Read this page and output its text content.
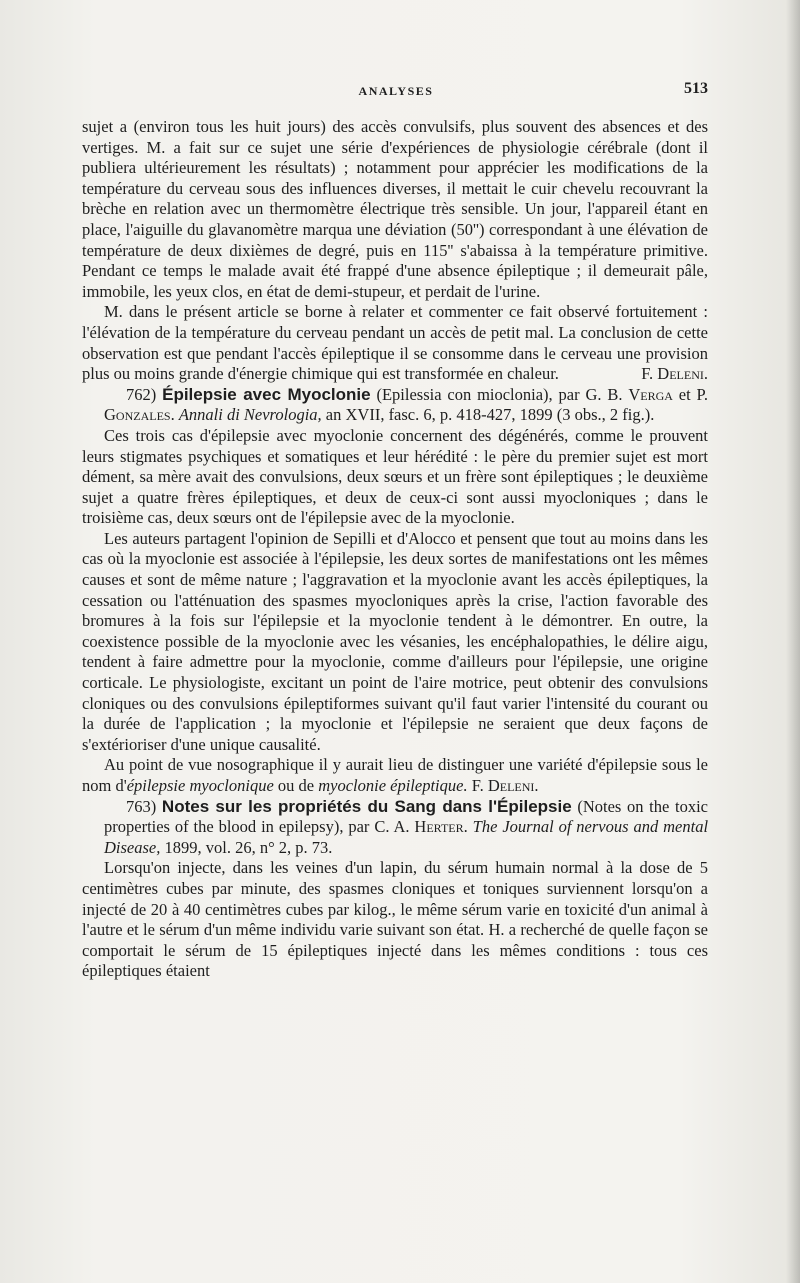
ANALYSES	513

sujet a (environ tous les huit jours) des accès convulsifs, plus souvent des absences et des vertiges. M. a fait sur ce sujet une série d'expériences de physiologie cérébrale (dont il publiera ultérieurement les résultats) ; notamment pour apprécier les modifications de la température du cerveau sous des influences diverses, il mettait le cuir chevelu recouvrant la brèche en relation avec un thermomètre électrique très sensible. Un jour, l'appareil étant en place, l'aiguille du glavanomètre marqua une déviation (50'') correspondant à une élévation de température de deux dixièmes de degré, puis en 115'' s'abaissa à la température primitive. Pendant ce temps le malade avait été frappé d'une absence épileptique ; il demeurait pâle, immobile, les yeux clos, en état de demi-stupeur, et perdait de l'urine.

M. dans le présent article se borne à relater et commenter ce fait observé fortuitement : l'élévation de la température du cerveau pendant un accès de petit mal. La conclusion de cette observation est que pendant l'accès épileptique il se consomme dans le cerveau une provision plus ou moins grande d'énergie chimique qui est transformée en chaleur.	F. Deleni.

762) Épilepsie avec Myoclonie (Epilessia con mioclonia), par G. B. Verga et P. Gonzales. Annali di Nevrologia, an XVII, fasc. 6, p. 418-427, 1899 (3 obs., 2 fig.).

Ces trois cas d'épilepsie avec myoclonie concernent des dégénérés, comme le prouvent leurs stigmates psychiques et somatiques et leur hérédité : le père du premier sujet est mort dément, sa mère avait des convulsions, deux sœurs et un frère sont épileptiques ; le deuxième sujet a quatre frères épileptiques, et deux de ceux-ci sont aussi myocloniques ; dans le troisième cas, deux sœurs ont de l'épilepsie avec de la myoclonie.

Les auteurs partagent l'opinion de Sepilli et d'Alocco et pensent que tout au moins dans les cas où la myoclonie est associée à l'épilepsie, les deux sortes de manifestations ont les mêmes causes et sont de même nature ; l'aggravation et la myoclonie avant les accès épileptiques, la cessation ou l'atténuation des spasmes myocloniques après la crise, l'action favorable des bromures à la fois sur l'épilepsie et la myoclonie tendent à le démontrer. En outre, la coexistence possible de la myoclonie avec les vésanies, les encéphalopathies, le délire aigu, tendent à faire admettre pour la myoclonie, comme d'ailleurs pour l'épilepsie, une origine corticale. Le physiologiste, excitant un point de l'aire motrice, peut obtenir des convulsions cloniques ou des convulsions épileptiformes suivant qu'il faut varier l'intensité du courant ou la durée de l'application ; la myoclonie et l'épilepsie ne seraient que deux façons de s'extérioriser d'une unique causalité.

Au point de vue nosographique il y aurait lieu de distinguer une variété d'épilepsie sous le nom d'épilepsie myoclonique ou de myoclonie épileptique. F. Deleni.

763) Notes sur les propriétés du Sang dans l'Épilepsie (Notes on the toxic properties of the blood in epilepsy), par C. A. Herter. The Journal of nervous and mental Disease, 1899, vol. 26, n° 2, p. 73.

Lorsqu'on injecte, dans les veines d'un lapin, du sérum humain normal à la dose de 5 centimètres cubes par minute, des spasmes cloniques et toniques surviennent lorsqu'on a injecté de 20 à 40 centimètres cubes par kilog., le même sérum varie en toxicité d'un animal à l'autre et le sérum d'un même individu varie suivant son état. H. a recherché de quelle façon se comportait le sérum de 15 épileptiques injecté dans les mêmes conditions : tous ces épileptiques étaient
